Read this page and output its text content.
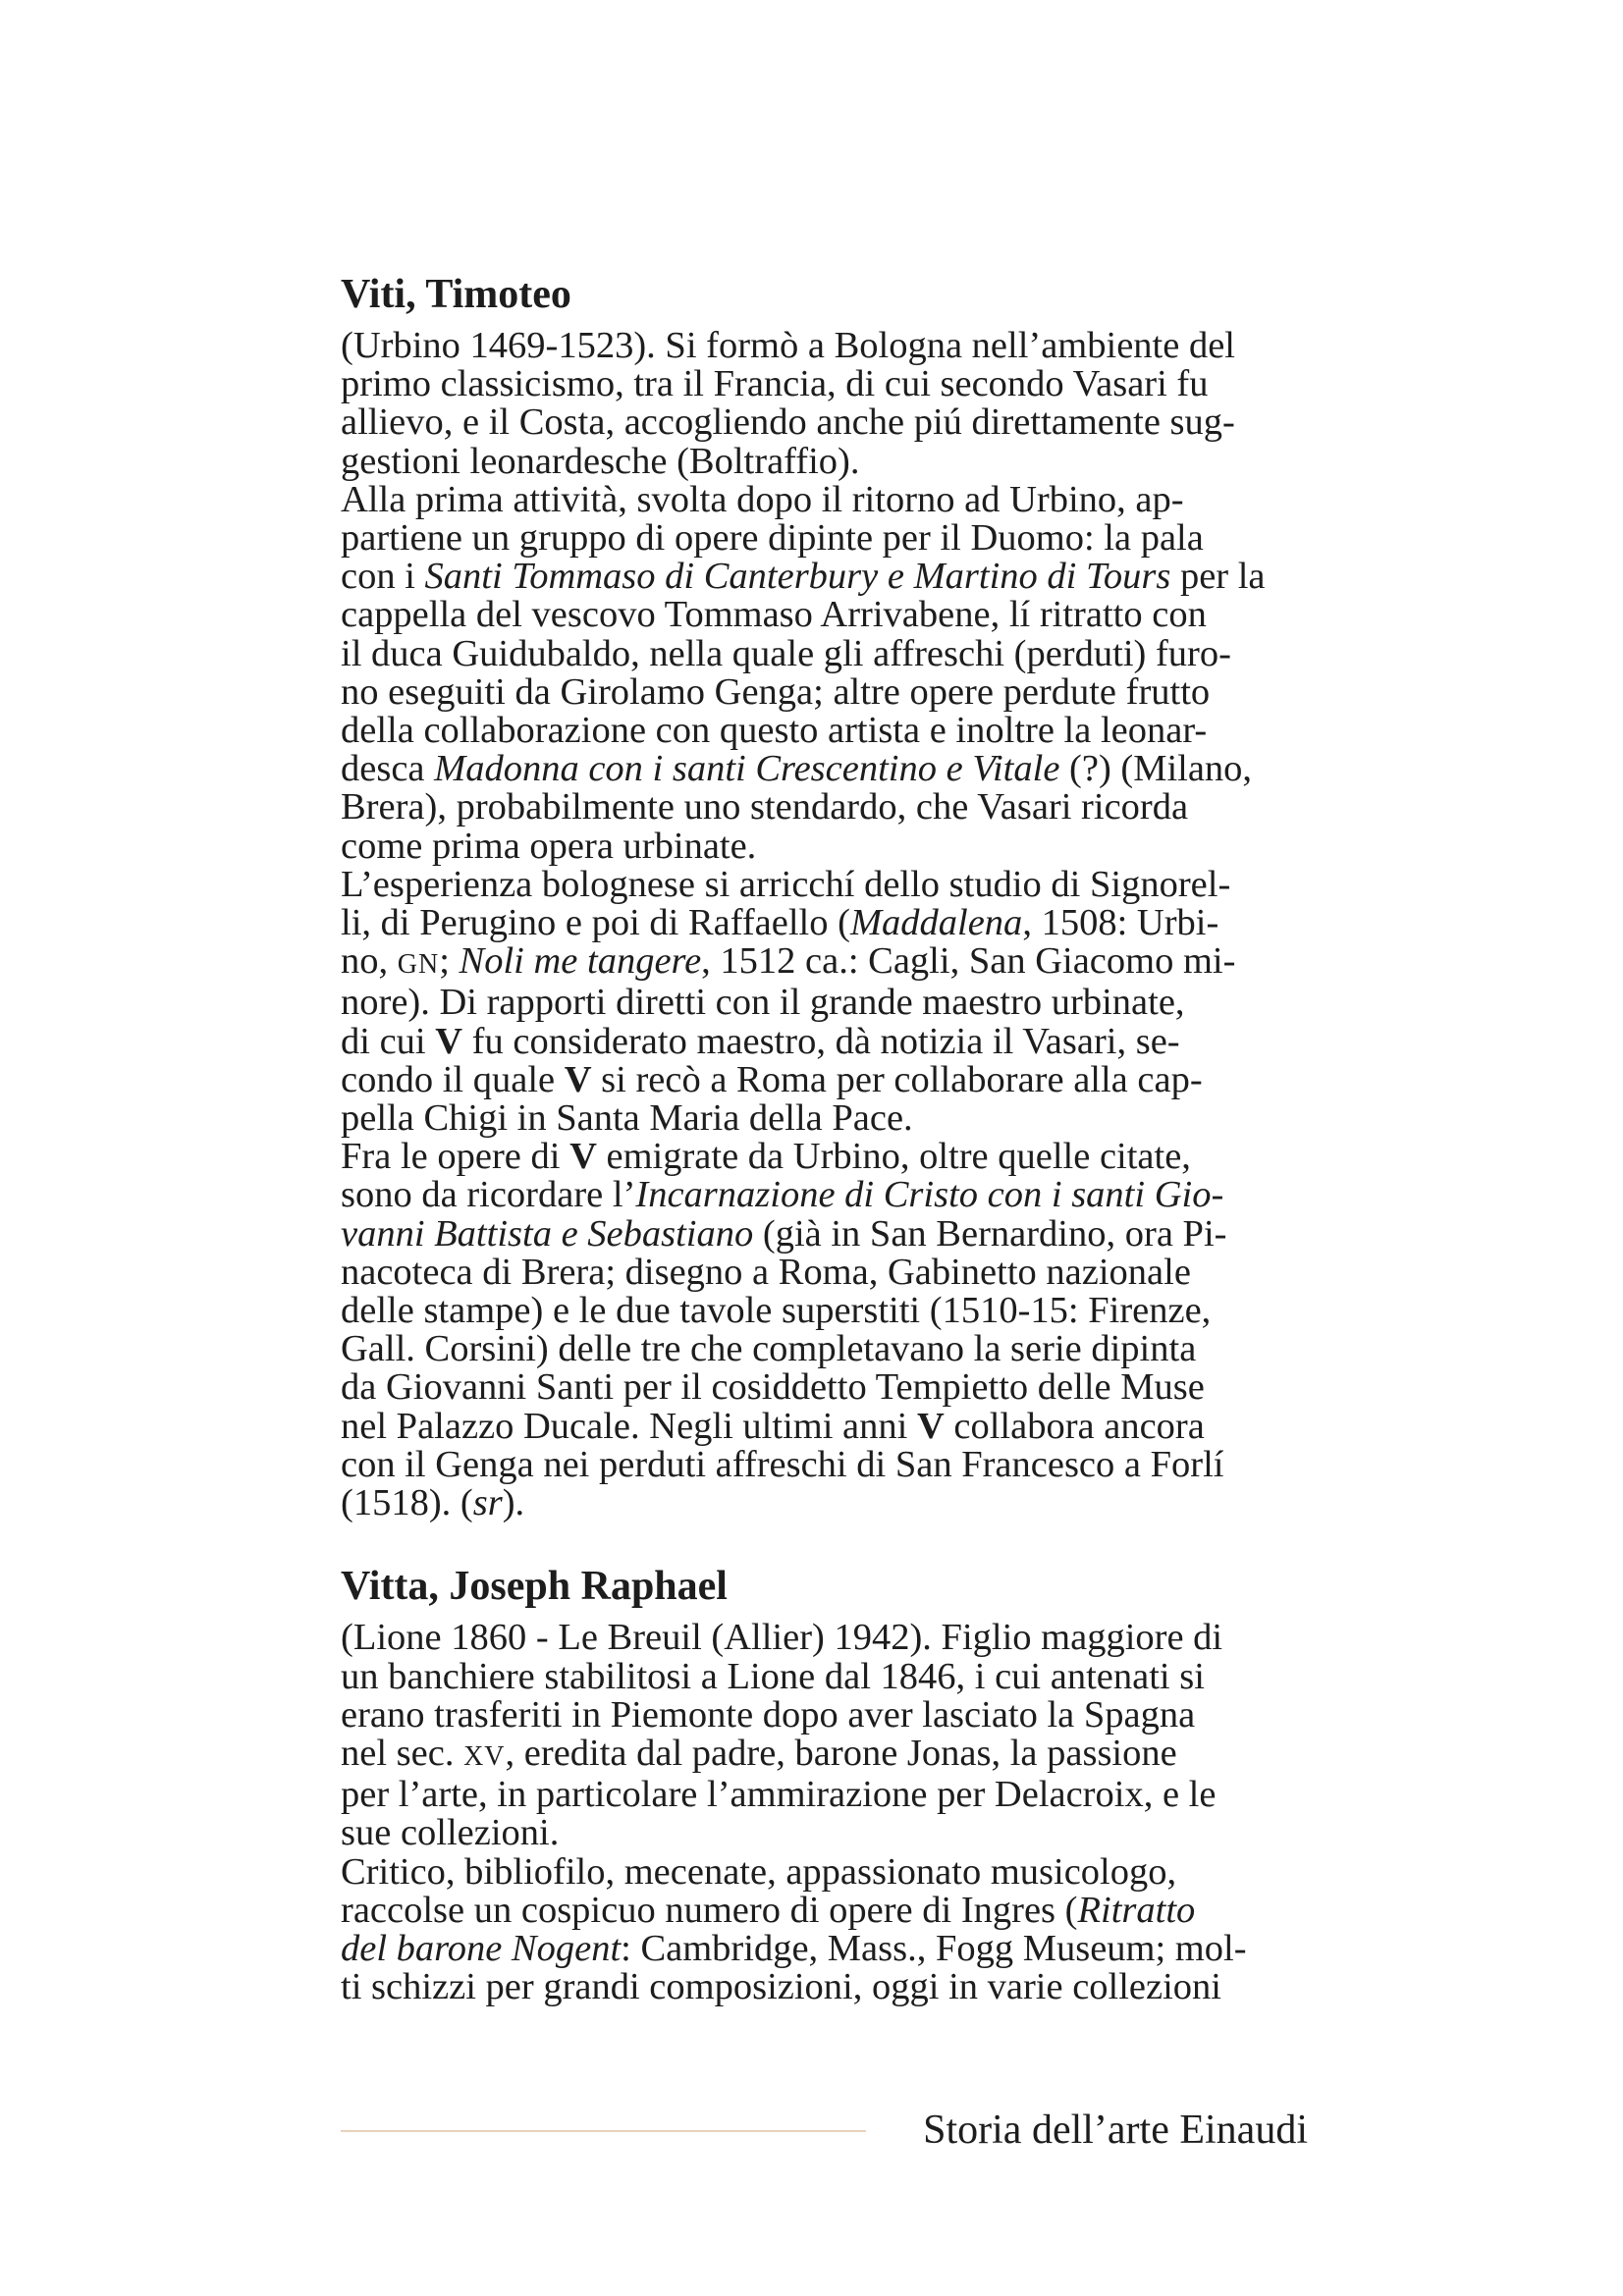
Viti, Timoteo

(Urbino 1469-1523). Si formò a Bologna nell’ambiente del
primo classicismo, tra il Francia, di cui secondo Vasari fu
allievo, e il Costa, accogliendo anche piú direttamente sug-
gestioni leonardesche (Boltraffio).

Alla prima attività, svolta dopo il ritorno ad Urbino, ap-
partiene un gruppo di opere dipinte per il Duomo: la pala
con i Santi Tommaso di Canterbury e Martino di Tours per la
cappella del vescovo Tommaso Arrivabene, lí ritratto con
il duca Guidubaldo, nella quale gli affreschi (perduti) furo-
no eseguiti da Girolamo Genga; altre opere perdute frutto
della collaborazione con questo artista e inoltre la leonar-
desca Madonna con i santi Crescentino e Vitale (?) (Milano,
Brera), probabilmente uno stendardo, che Vasari ricorda
come prima opera urbinate.

L’esperienza bolognese si arricchí dello studio di Signorel-
li, di Perugino e poi di Raffaello (Maddalena, 1508: Urbi-
no, GN; Noli me tangere, 1512 ca.: Cagli, San Giacomo mi-
nore). Di rapporti diretti con il grande maestro urbinate,
di cui V fu considerato maestro, dà notizia il Vasari, se-
condo il quale V si recò a Roma per collaborare alla cap-
pella Chigi in Santa Maria della Pace.

Fra le opere di V emigrate da Urbino, oltre quelle citate,
sono da ricordare l’Incarnazione di Cristo con i santi Gio-
vanni Battista e Sebastiano (già in San Bernardino, ora Pi-
nacoteca di Brera; disegno a Roma, Gabinetto nazionale
delle stampe) e le due tavole superstiti (1510-15: Firenze,
Gall. Corsini) delle tre che completavano la serie dipinta
da Giovanni Santi per il cosiddetto Tempietto delle Muse
nel Palazzo Ducale. Negli ultimi anni V collabora ancora
con il Genga nei perduti affreschi di San Francesco a Forlí
(1518). (sr).

Vitta, Joseph Raphael

(Lione 1860 - Le Breuil (Allier) 1942). Figlio maggiore di
un banchiere stabilitosi a Lione dal 1846, i cui antenati si
erano trasferiti in Piemonte dopo aver lasciato la Spagna
nel sec. XV, eredita dal padre, barone Jonas, la passione
per l’arte, in particolare l’ammirazione per Delacroix, e le
sue collezioni.

Critico, bibliofilo, mecenate, appassionato musicologo,
raccolse un cospicuo numero di opere di Ingres (Ritratto
del barone Nogent: Cambridge, Mass., Fogg Museum; mol-
ti schizzi per grandi composizioni, oggi in varie collezioni

Storia dell’arte Einaudi
